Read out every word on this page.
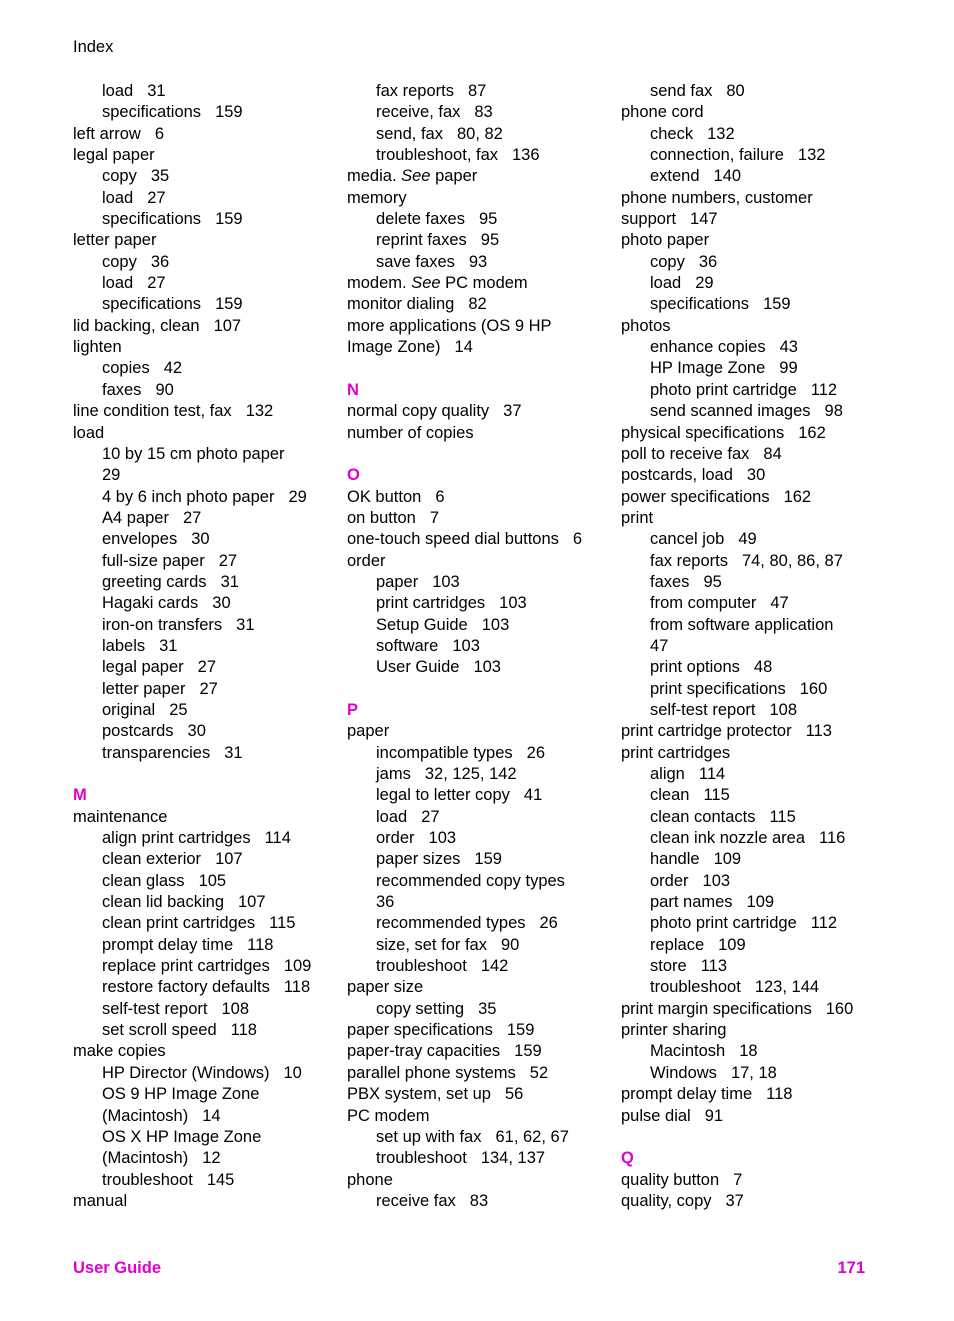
Index
load 31
specifications 159
left arrow 6
legal paper
copy 35
load 27
specifications 159
letter paper
copy 36
load 27
specifications 159
lid backing, clean 107
lighten
copies 42
faxes 90
line condition test, fax 132
load
10 by 15 cm photo paper
29
4 by 6 inch photo paper 29
A4 paper 27
envelopes 30
full-size paper 27
greeting cards 31
Hagaki cards 30
iron-on transfers 31
labels 31
legal paper 27
letter paper 27
original 25
postcards 30
transparencies 31
M
maintenance
align print cartridges 114
clean exterior 107
clean glass 105
clean lid backing 107
clean print cartridges 115
prompt delay time 118
replace print cartridges 109
restore factory defaults 118
self-test report 108
set scroll speed 118
make copies
HP Director (Windows) 10
OS 9 HP Image Zone
(Macintosh) 14
OS X HP Image Zone
(Macintosh) 12
troubleshoot 145
manual
fax reports 87
receive, fax 83
send, fax 80, 82
troubleshoot, fax 136
media. See paper
memory
delete faxes 95
reprint faxes 95
save faxes 93
modem. See PC modem
monitor dialing 82
more applications (OS 9 HP
Image Zone) 14
N
normal copy quality 37
number of copies
O
OK button 6
on button 7
one-touch speed dial buttons 6
order
paper 103
print cartridges 103
Setup Guide 103
software 103
User Guide 103
P
paper
incompatible types 26
jams 32, 125, 142
legal to letter copy 41
load 27
order 103
paper sizes 159
recommended copy types
36
recommended types 26
size, set for fax 90
troubleshoot 142
paper size
copy setting 35
paper specifications 159
paper-tray capacities 159
parallel phone systems 52
PBX system, set up 56
PC modem
set up with fax 61, 62, 67
troubleshoot 134, 137
phone
receive fax 83
send fax 80
phone cord
check 132
connection, failure 132
extend 140
phone numbers, customer
support 147
photo paper
copy 36
load 29
specifications 159
photos
enhance copies 43
HP Image Zone 99
photo print cartridge 112
send scanned images 98
physical specifications 162
poll to receive fax 84
postcards, load 30
power specifications 162
print
cancel job 49
fax reports 74, 80, 86, 87
faxes 95
from computer 47
from software application
47
print options 48
print specifications 160
self-test report 108
print cartridge protector 113
print cartridges
align 114
clean 115
clean contacts 115
clean ink nozzle area 116
handle 109
order 103
part names 109
photo print cartridge 112
replace 109
store 113
troubleshoot 123, 144
print margin specifications 160
printer sharing
Macintosh 18
Windows 17, 18
prompt delay time 118
pulse dial 91
Q
quality button 7
quality, copy 37
User Guide	171
